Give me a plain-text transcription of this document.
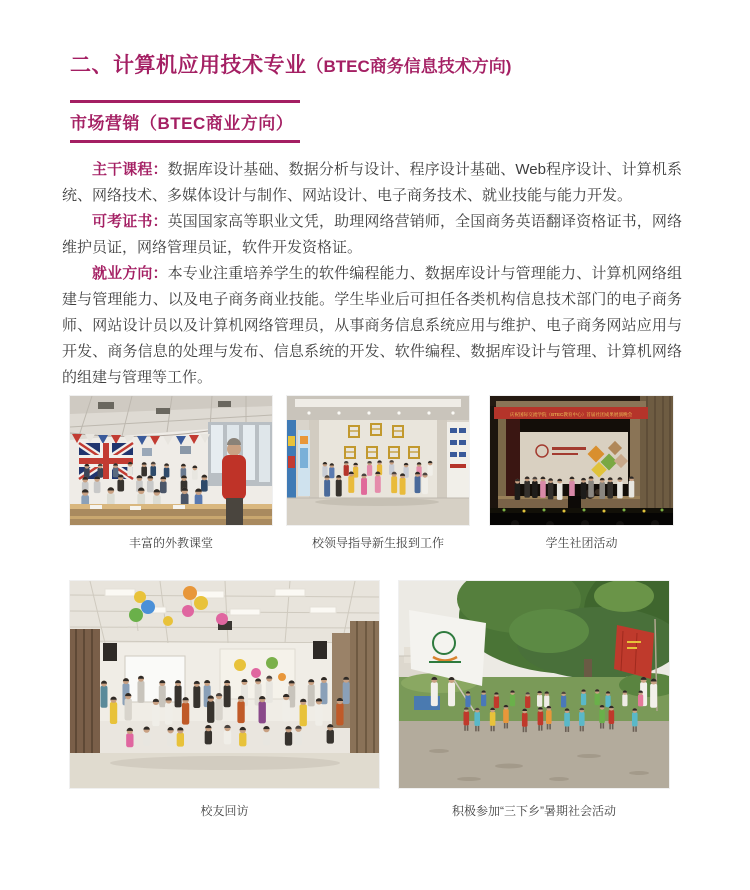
二、计算机应用技术专业（BTEC商务信息技术方向)
市场营销（BTEC商业方向）

主干课程：数据库设计基础、数据分析与设计、程序设计基础、Web程序设计、计算机系统、网络技术、多媒体设计与制作、网站设计、电子商务技术、就业技能与能力开发。

可考证书：英国国家高等职业文凭，助理网络营销师，全国商务英语翻译资格证书，网络维护员证，网络管理员证，软件开发资格证。

就业方向：本专业注重培养学生的软件编程能力、数据库设计与管理能力、计算机网络组建与管理能力、以及电子商务商业技能。学生毕业后可担任各类机构信息技术部门的电子商务师、网站设计员以及计算机网络管理员，从事商务信息系统应用与维护、电子商务网站应用与开发、商务信息的处理与发布、信息系统的开发、软件编程、数据库设计与管理、计算机网络的组建与管理等工作。

庆祝国际交流学院（BTEC教育中心）首届社团成果展演晚会
丰富的外教课堂	校领导指导新生报到工作	学生社团活动
校友回访	积极参加“三下乡”暑期社会活动
